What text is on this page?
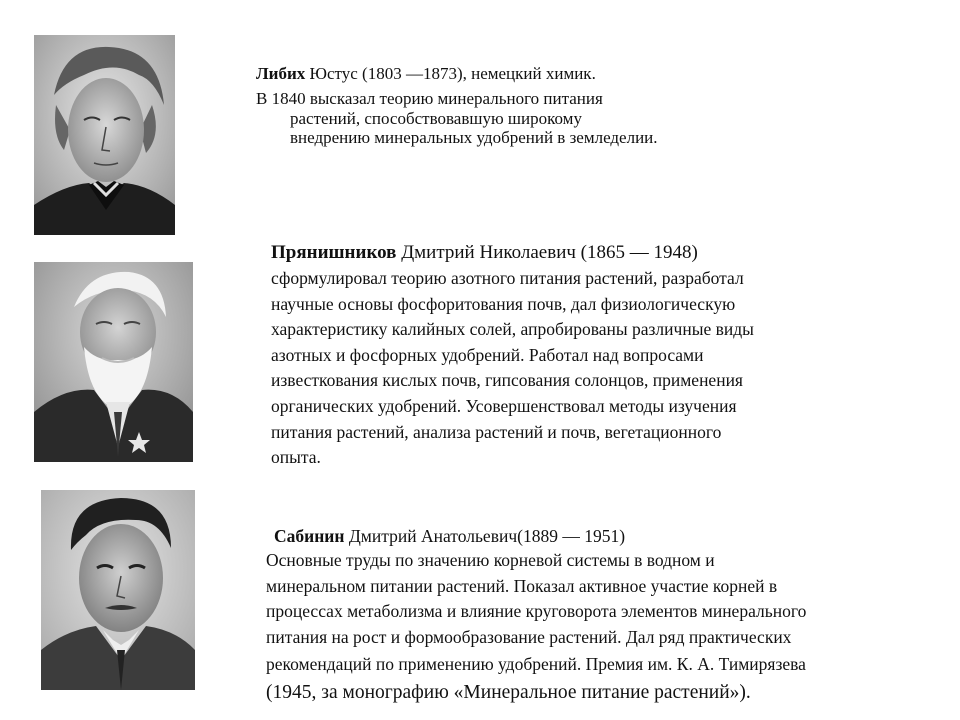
Либих Юстус (1803 —1873), немецкий химик.
В 1840 высказал теорию минерального питания
растений, способствовавшую широкому
внедрению минеральных удобрений в земледелии.
Прянишников Дмитрий Николаевич (1865 — 1948)
сформулировал теорию азотного питания растений, разработал
научные основы фосфоритования почв, дал физиологическую
характеристику калийных солей, апробированы различные виды
азотных и фосфорных удобрений. Работал над вопросами
известкования кислых почв, гипсования солонцов, применения
органических удобрений. Усовершенствовал методы изучения
питания растений, анализа растений и почв, вегетационного
опыта.
Сабинин Дмитрий Анатольевич(1889 — 1951)
Основные труды по значению корневой системы в водном и
минеральном питании растений. Показал активное участие корней в
процессах метаболизма и влияние круговорота элементов минерального
питания на рост и формообразование растений. Дал ряд практических
рекомендаций по применению удобрений. Премия им. К. А. Тимирязева
(1945, за монографию «Минеральное питание растений»).
